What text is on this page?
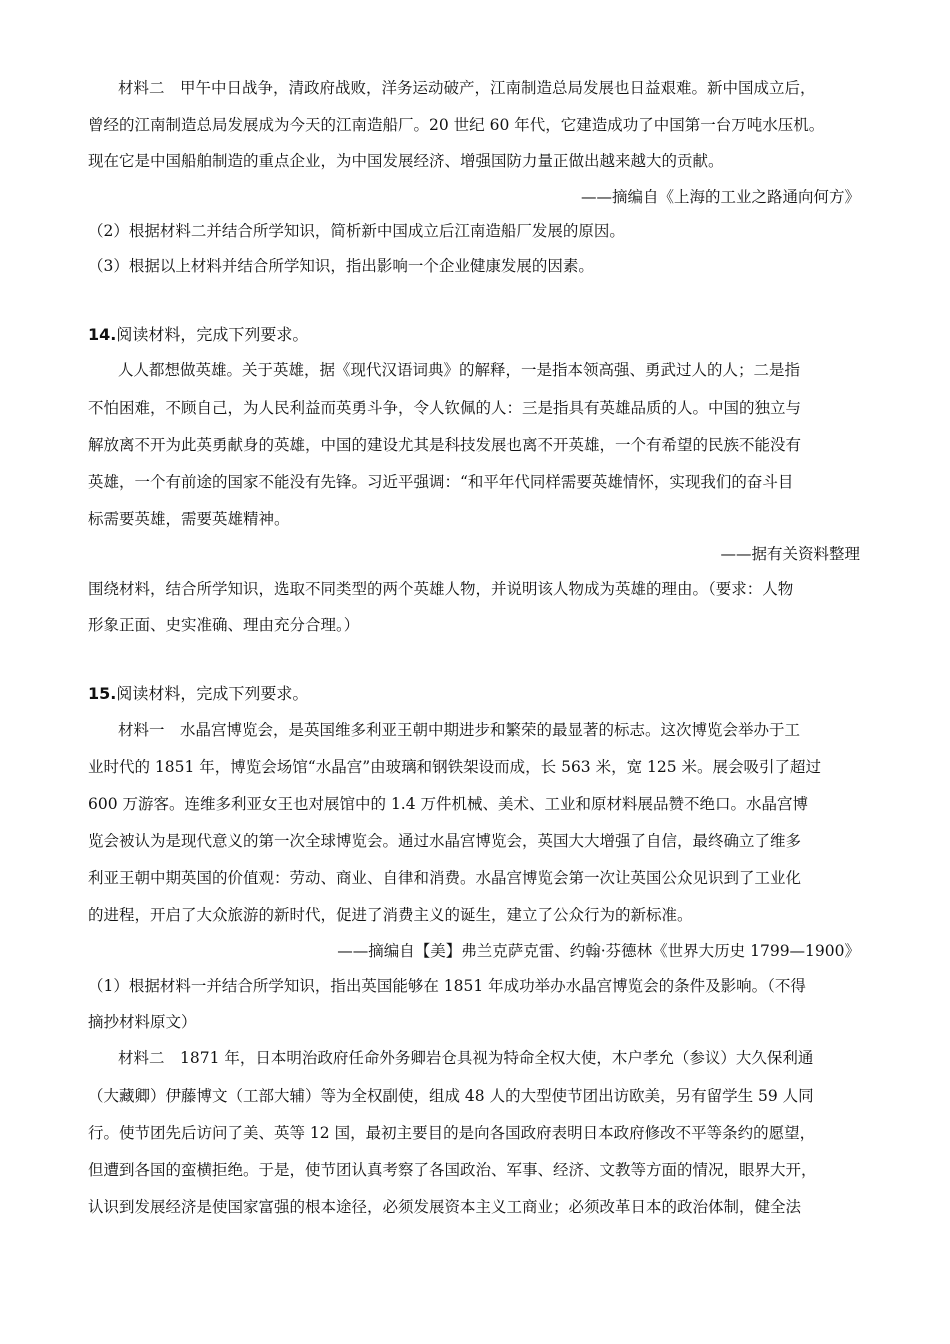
材料二　甲午中日战争，清政府战败，洋务运动破产，江南制造总局发展也日益艰难。新中国成立后，
曾经的江南制造总局发展成为今天的江南造船厂。20 世纪 60 年代，它建造成功了中国第一台万吨水压机。
现在它是中国船舶制造的重点企业，为中国发展经济、增强国防力量正做出越来越大的贡献。
——摘编自《上海的工业之路通向何方》
（2）根据材料二并结合所学知识，简析新中国成立后江南造船厂发展的原因。
（3）根据以上材料并结合所学知识，指出影响一个企业健康发展的因素。
14.阅读材料，完成下列要求。
人人都想做英雄。关于英雄，据《现代汉语词典》的解释，一是指本领高强、勇武过人的人；二是指
不怕困难，不顾自己，为人民利益而英勇斗争，令人钦佩的人：三是指具有英雄品质的人。中国的独立与
解放离不开为此英勇献身的英雄，中国的建设尤其是科技发展也离不开英雄，一个有希望的民族不能没有
英雄，一个有前途的国家不能没有先锋。习近平强调：“和平年代同样需要英雄情怀，实现我们的奋斗目
标需要英雄，需要英雄精神。
——据有关资料整理
围绕材料，结合所学知识，选取不同类型的两个英雄人物，并说明该人物成为英雄的理由。（要求：人物
形象正面、史实准确、理由充分合理。）
15.阅读材料，完成下列要求。
材料一　水晶宫博览会，是英国维多利亚王朝中期进步和繁荣的最显著的标志。这次博览会举办于工
业时代的 1851 年，博览会场馆“水晶宫”由玻璃和钢铁架设而成，长 563 米，宽 125 米。展会吸引了超过
600 万游客。连维多利亚女王也对展馆中的 1.4 万件机械、美术、工业和原材料展品赞不绝口。水晶宫博
览会被认为是现代意义的第一次全球博览会。通过水晶宫博览会，英国大大增强了自信，最终确立了维多
利亚王朝中期英国的价值观：劳动、商业、自律和消费。水晶宫博览会第一次让英国公众见识到了工业化
的进程，开启了大众旅游的新时代，促进了消费主义的诞生，建立了公众行为的新标准。
——摘编自【美】弗兰克萨克雷、约翰·芬德林《世界大历史 1799—1900》
（1）根据材料一并结合所学知识，指出英国能够在 1851 年成功举办水晶宫博览会的条件及影响。（不得
摘抄材料原文）
材料二　1871 年，日本明治政府任命外务卿岩仓具视为特命全权大使，木户孝允（参议）大久保利通
（大藏卿）伊藤博文（工部大辅）等为全权副使，组成 48 人的大型使节团出访欧美，另有留学生 59 人同
行。使节团先后访问了美、英等 12 国，最初主要目的是向各国政府表明日本政府修改不平等条约的愿望，
但遭到各国的蛮横拒绝。于是，使节团认真考察了各国政治、军事、经济、文教等方面的情况，眼界大开，
认识到发展经济是使国家富强的根本途径，必须发展资本主义工商业；必须改革日本的政治体制，健全法
